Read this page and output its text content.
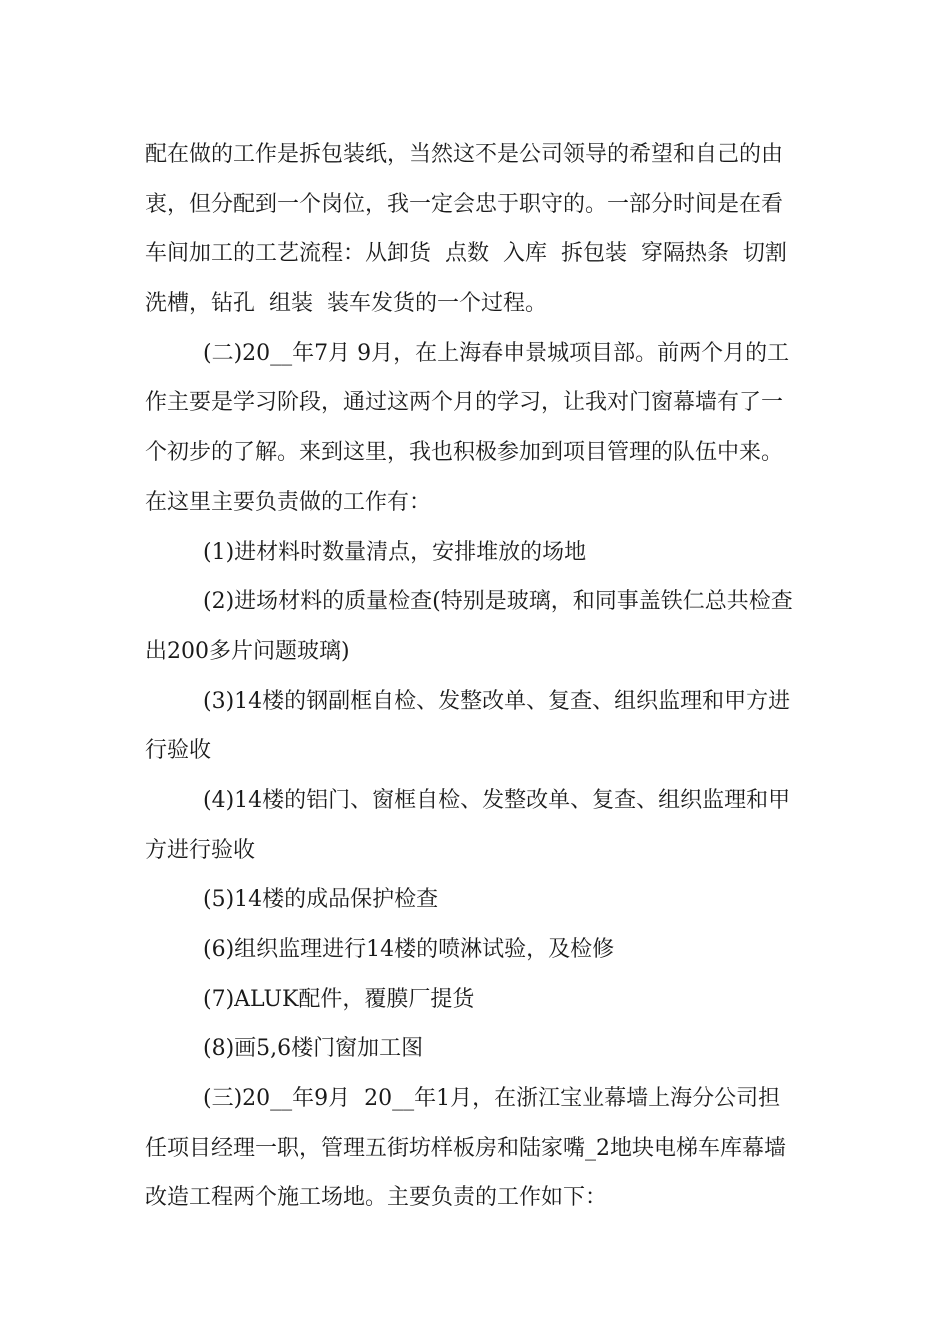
配在做的工作是拆包装纸，当然这不是公司领导的希望和自己的由
衷，但分配到一个岗位，我一定会忠于职守的。一部分时间是在看
车间加工的工艺流程：从卸货  点数  入库  拆包装  穿隔热条  切割
洗槽，钻孔  组装  装车发货的一个过程。
(二)20__年7月 9月，在上海春申景城项目部。前两个月的工
作主要是学习阶段，通过这两个月的学习，让我对门窗幕墙有了一
个初步的了解。来到这里，我也积极参加到项目管理的队伍中来。
在这里主要负责做的工作有：
(1)进材料时数量清点，安排堆放的场地
(2)进场材料的质量检查(特别是玻璃，和同事盖铁仁总共检查
出200多片问题玻璃)
(3)14楼的钢副框自检、发整改单、复查、组织监理和甲方进
行验收
(4)14楼的铝门、窗框自检、发整改单、复查、组织监理和甲
方进行验收
(5)14楼的成品保护检查
(6)组织监理进行14楼的喷淋试验，及检修
(7)ALUK配件，覆膜厂提货
(8)画5,6楼门窗加工图
(三)20__年9月  20__年1月，在浙江宝业幕墙上海分公司担
任项目经理一职，管理五街坊样板房和陆家嘴_2地块电梯车库幕墙
改造工程两个施工场地。主要负责的工作如下：
